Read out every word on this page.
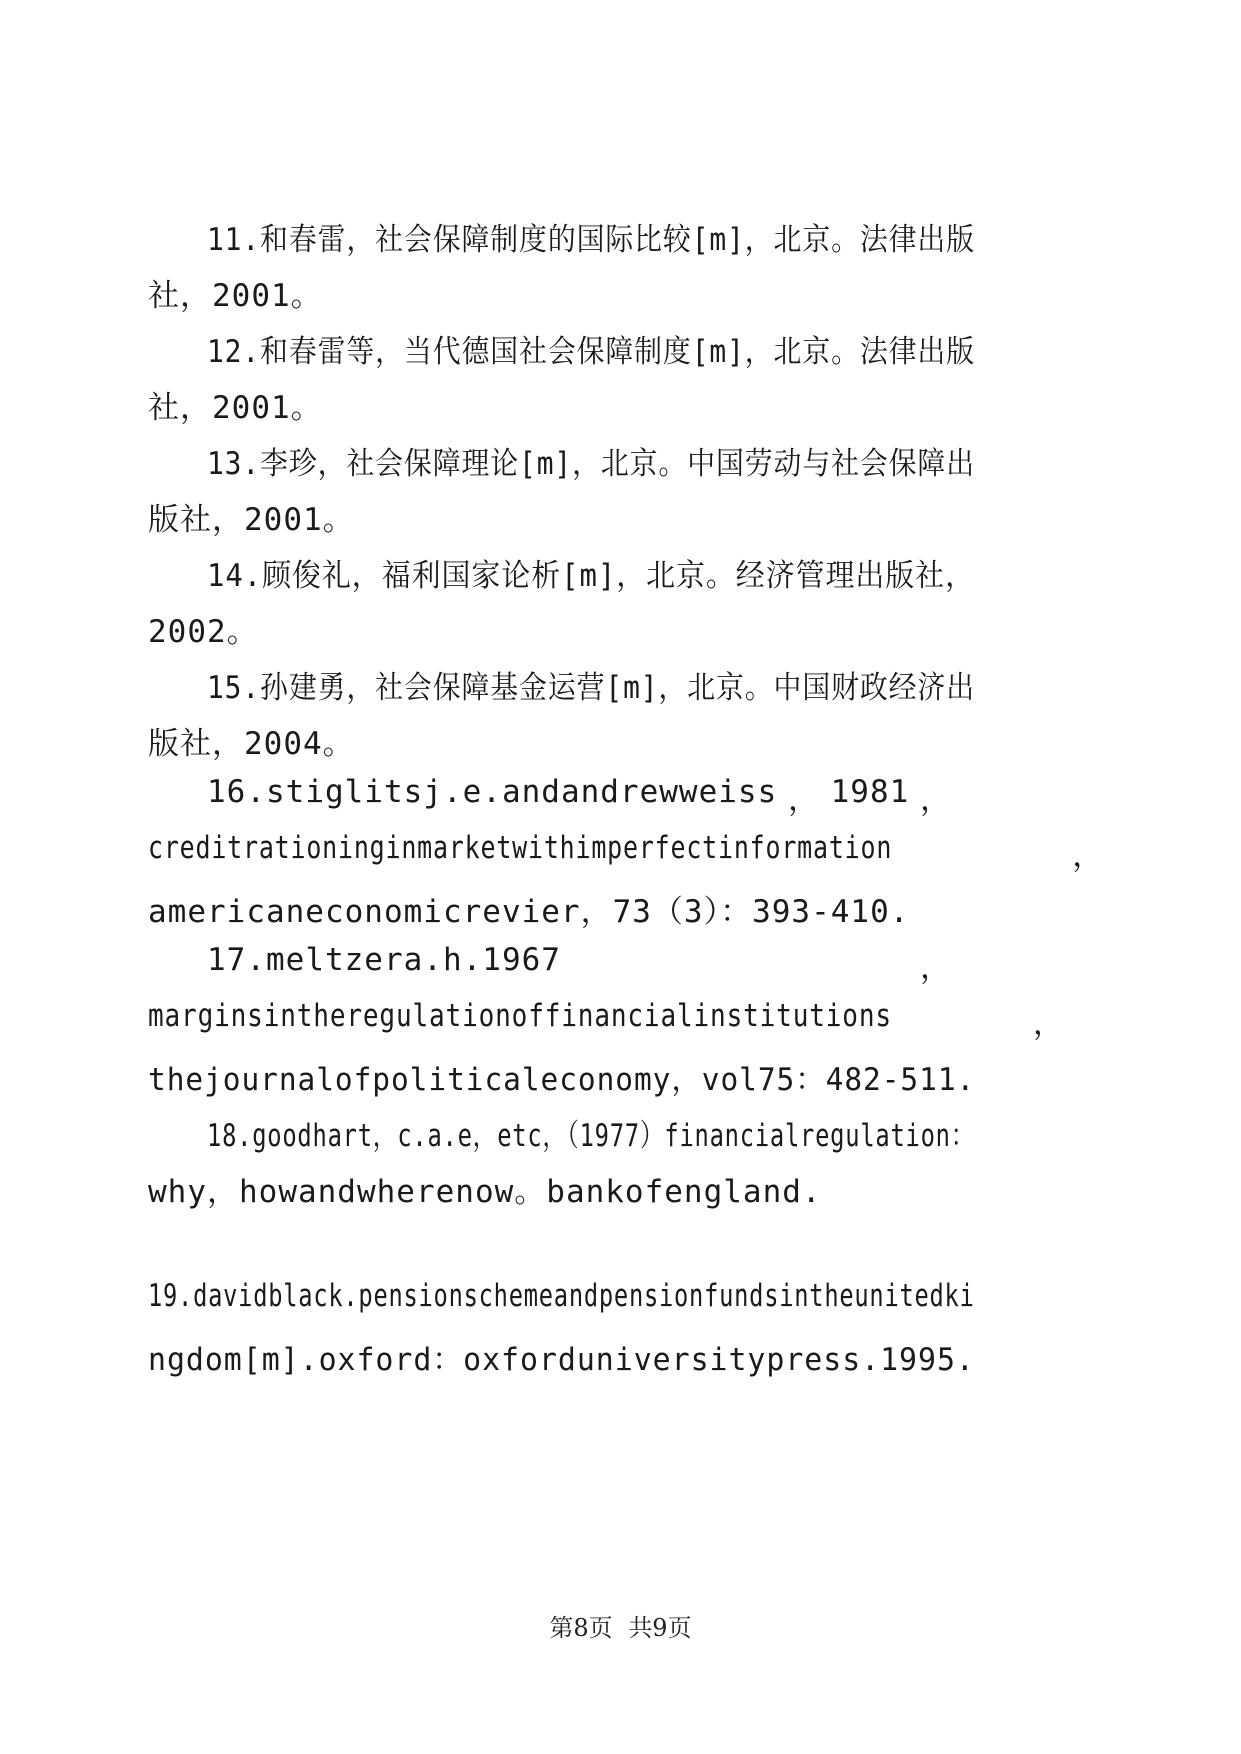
11.和春雷，社会保障制度的国际比较[m]，北京。法律出版
社，2001。
12.和春雷等，当代德国社会保障制度[m]，北京。法律出版
社，2001。
13.李珍，社会保障理论[m]，北京。中国劳动与社会保障出
版社，2001。
14.顾俊礼，福利国家论析[m]，北京。经济管理出版社，
2002。
15.孙建勇，社会保障基金运营[m]，北京。中国财政经济出
版社，2004。
16.stiglitsj.e.andandrewweiss ， 1981 ，
creditrationinginmarketwithimperfectinformation	，
americaneconomicrevier，73（3）：393-410.
17.meltzera.h.1967	，
marginsintheregulationoffinancialinstitutions	，
thejournalofpoliticaleconomy，vol75：482-511.
18.goodhart，c.a.e，etc，（1977）financialregulation：
why，howandwherenow。bankofengland.
19.davidblack.pensionschemeandpensionfundsintheunitedki
ngdom[m].oxford：oxforduniversitypress.1995.
第8页 共9页
